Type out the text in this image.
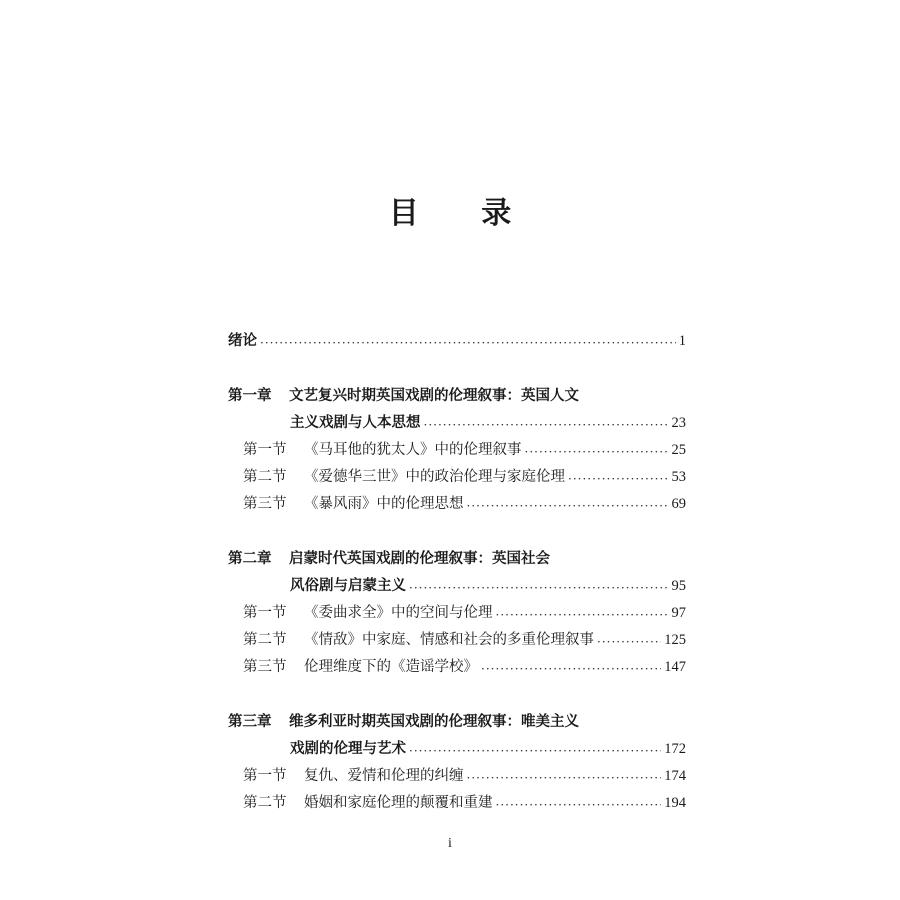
目 录
绪论 ·····	1
第一章	文艺复兴时期英国戏剧的伦理叙事：英国人文
主义戏剧与人本思想 ·····	23
第一节	《马耳他的犹太人》中的伦理叙事 ·····	25
第二节	《爱德华三世》中的政治伦理与家庭伦理 ·····	53
第三节	《暴风雨》中的伦理思想 ·····	69
第二章	启蒙时代英国戏剧的伦理叙事：英国社会
风俗剧与启蒙主义 ·····	95
第一节	《委曲求全》中的空间与伦理 ·····	97
第二节	《情敌》中家庭、情感和社会的多重伦理叙事 ·····	125
第三节	伦理维度下的《造谣学校》 ·····	147
第三章	维多利亚时期英国戏剧的伦理叙事：唯美主义
戏剧的伦理与艺术 ·····	172
第一节	复仇、爱情和伦理的纠缠 ·····	174
第二节	婚姻和家庭伦理的颠覆和重建 ·····	194
i
